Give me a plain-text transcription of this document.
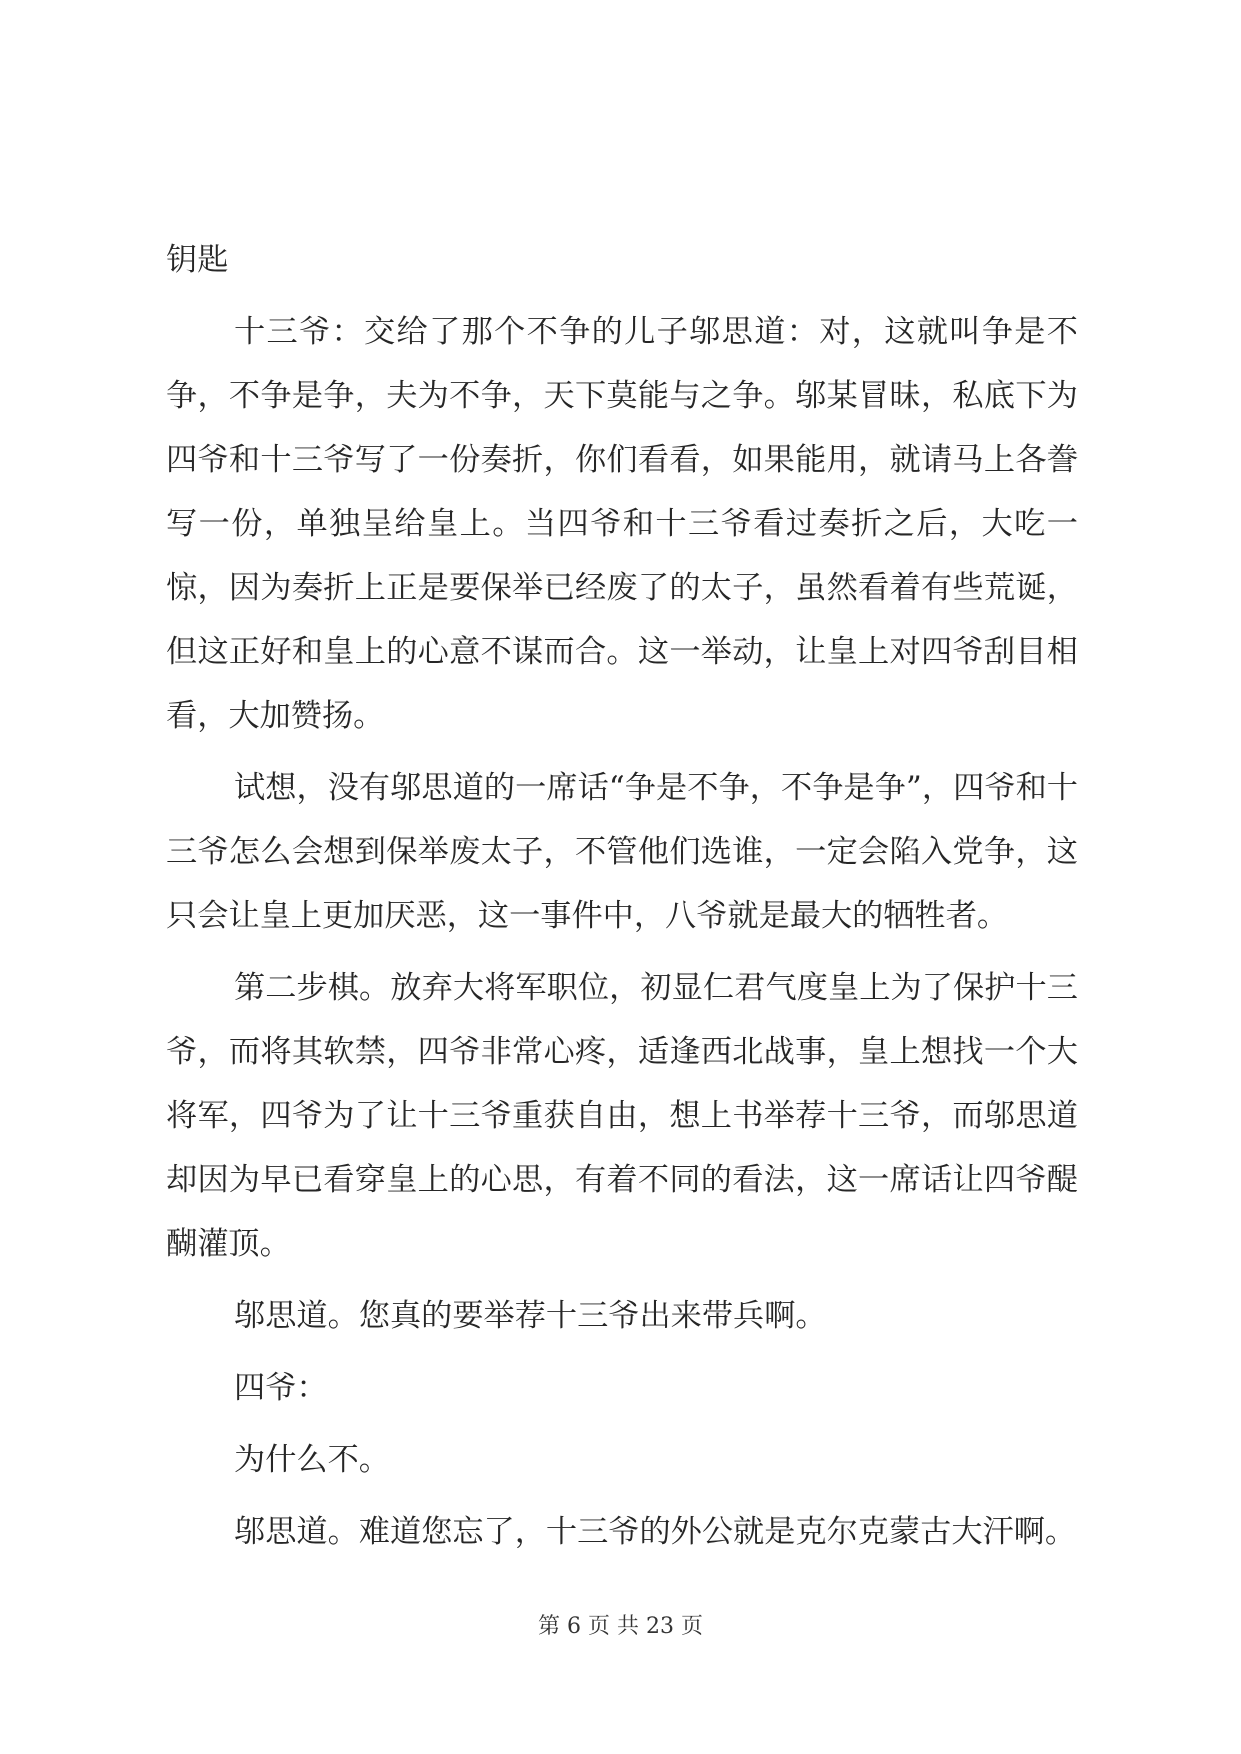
钥匙

十三爷：交给了那个不争的儿子邬思道：对，这就叫争是不争，不争是争，夫为不争，天下莫能与之争。邬某冒昧，私底下为四爷和十三爷写了一份奏折，你们看看，如果能用，就请马上各誊写一份，单独呈给皇上。当四爷和十三爷看过奏折之后，大吃一惊，因为奏折上正是要保举已经废了的太子，虽然看着有些荒诞，但这正好和皇上的心意不谋而合。这一举动，让皇上对四爷刮目相看，大加赞扬。

试想，没有邬思道的一席话“争是不争，不争是争”，四爷和十三爷怎么会想到保举废太子，不管他们选谁，一定会陷入党争，这只会让皇上更加厌恶，这一事件中，八爷就是最大的牺牲者。

第二步棋。放弃大将军职位，初显仁君气度皇上为了保护十三爷，而将其软禁，四爷非常心疼，适逢西北战事，皇上想找一个大将军，四爷为了让十三爷重获自由，想上书举荐十三爷，而邬思道却因为早已看穿皇上的心思，有着不同的看法，这一席话让四爷醍醐灌顶。

邬思道。您真的要举荐十三爷出来带兵啊。

四爷：

为什么不。

邬思道。难道您忘了，十三爷的外公就是克尔克蒙古大汗啊。

第 6 页 共 23 页
